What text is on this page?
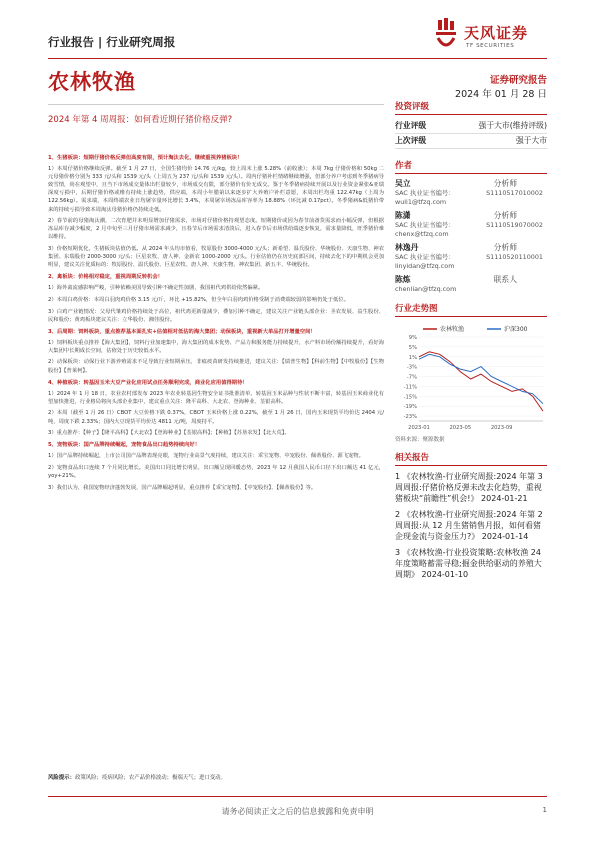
行业报告 | 行业研究周报	天风证券
TF SECURITIES
农林牧渔	证券研究报告
2024 年 01 月 28 日
2024 年第 4 周周报：如何看近期仔猪价格反弹?

1、生猪板块：短期仔猪价格反弹但高度有限，预计淘汰去化，继续重视养猪板块！

1）本周仔猪价格继续反弹。截至 1 月 27 日，全国生猪均价 14.76 元/kg，较上周末上涨 5.28%（前收涨）；本周 7kg 仔猪价格和 50kg 二元母猪价格分别为 333 元/头和 1539 元/头（上周五为 237 元/头和 1539 元/头）。周内仔猪补栏情绪继续增强，但部分养户考虑到冬季猪病导致雪情，尚在观望中，且当下市场成交量体出栏量较少，市场成交有限，部分猪价有价无成交。鉴于冬季猪病持续开展以及行业资金紧张&亚瑞深度亏损中，后期仔猪价格或维有持续上涨趋势，供应端，本周小年腊第以来逐步扩大养殖户补栏意愿，本周出栏均重 122.47kg（上周为 122.56kg）。需求端，本周终端农业日均屠宰量环比增长 3.4%，本周屠宰场冻品库容率为 18.88%（环比减 0.17pct）。冬季猪病&低猪价带来的持续亏损导致本周淘汰母猪价格仍持续走低。

2）春节前的母猪淘汰潮，二次育肥并未明显增加仔猪需求，市场对仔猪价格持观望态度。短期猪价或因为春节前备货需求而小幅反弹，但根据冻品库存减少幅度，2 月中旬至三月仔猪市场需求减少，且春节后市场需求清淡后，进入春节后市场供给端逐步恢复，需求量降低，旺季猪价难以维持。

3）价格短期优化，生猪板块估值仍低。从 2024 年头均市值看，牧原股份 3000-4000 元/头；新希望、温氏股份、华统股份、天康生物、神农集团、东瑞股份 2000-3000 元/头；巨星农牧、唐人神、金新农 1000-2000 元/头。行业估值仍在历史底部区间，持续去化下的中期机会更加明显，建议关注优质标的：牧原股份、温氏股份、巨星农牧、唐人神、天康生物、神农集团、新五丰、华统股份。

2、禽板块：价格相对稳定，重视周期反转机会！

1）海外禽流感影响严峻，引种依赖美国导致引种不确定性加剧，我国祖代鸡供给依然偏紧。

2）本周白鸡价格：本周白羽肉鸡价格 3.15 元/斤，环比 +15.82%，但全年白羽肉鸡价格受制于消费端较弱的影响仍处于低位。

3）白鸡产业链情况：父母代雏鸡价格持续处于高位，祖代鸡更新量减少，叠加引种不确定，建议关注产业链头部企业：圣农发展、益生股份、民和股份；黄鸡板块建议关注：立华股份、湘佳股份。

3、后周期：饲料板块，重点推荐基本面扎实+估值相对低估的海大集团；动保板块，重视新大单品打开增量空间！

1）饲料板块重点推荐【海大集团】，饲料行业加速集中，海大集团的成本优势、产品力和服务能力持续提升，水产料市场份额持续提升，看好海大集团中长期成长空间，估值处于历史较低水平。

2）动保板块：动保行业下游养殖需求不足导致行业短期承压，非瘟疫苗研发持续推进，建议关注：【瑞普生物】【科前生物】【中牧股份】【生物股份】【普莱柯】。

4、种植板块：转基因玉米大豆产业化应用试点任务顺利完成，商业化应用值得期待！

1）2024 年 1 月 18 日，农业农村部发布 2023 年农业转基因生物安全证书批准清单，转基因玉米品种与性状不断丰富，转基因玉米商业化有望加快推进，行业格局将向头部企业集中，建议重点关注：隆平高科、大北农、登海种业、荃银高科。

2）本周（截至 1 月 26 日）CBOT 大豆价格下跌 0.37%，CBOT 玉米价格上涨 0.22%，截至 1 月 26 日，国内玉米现货平均价达 2404 元/吨，周度下跌 2.33%；国内大豆现货平均价达 4811 元/吨，周度持平。

3）重点推荐：【种子】【隆平高科】【大北农】【登海种业】【荃银高科】；【种植】【苏垦农发】【北大荒】。

5、宠物板块：国产品牌持续崛起，宠物食品出口趋势持续向好！

1）国产品牌持续崛起，上市公司国产品牌表现亮眼，宠物行业高景气度持续，建议关注：乖宝宠物、中宠股份、佩蒂股份、源飞宠物。

2）宠物食品出口连续 7 个月同比增长。美国出口同比增长明显，出口额呈现回暖态势，2023 年 12 月我国人民币口径下出口额达 41 亿元，yoy+21%。

3）我们认为，我国宠物经济蓬勃发展，国产品牌崛起明显，重点推荐【乖宝宠物】、【中宠股份】、【佩蒂股份】等。

风险提示：政策风险；疫病风险；农产品价格波动；极端天气；进口变动。
投资评级
行业评级	强于大市(维持评级)
上次评级	强于大市
作者
吴立	分析师
SAC 执业证书编号：	S1110517010002
wuli1@tfzq.com
陈潇	分析师
SAC 执业证书编号：	S1110519070002
chenx@tfzq.com
林逸丹	分析师
SAC 执业证书编号：	S1110520110001
linyidan@tfzq.com
陈炼	联系人
chenlian@tfzq.com
行业走势图
农林牧渔	沪深300
9%
5%
1%
-3%
-7%
-11%
-15%
-19%
-23%
2023-01	2023-05	2023-09
资料来源：聚源数据
相关报告
1 《农林牧渔-行业研究周报:2024 年第 3 周周报:仔猪价格反弹未改去化趋势，重视猪板块“前瞻性”机会!》 2024-01-21
2 《农林牧渔-行业研究周报:2024 年第 2 周周报:从 12 月生猪销售月报，如何看猪企现金流与资金压力?》 2024-01-14
3 《农林牧渔-行业投资策略:农林牧渔 24 年度策略蓄需寻稳;掘金供给驱动的养殖大周期》 2024-01-10
请务必阅读正文之后的信息披露和免责申明	1
